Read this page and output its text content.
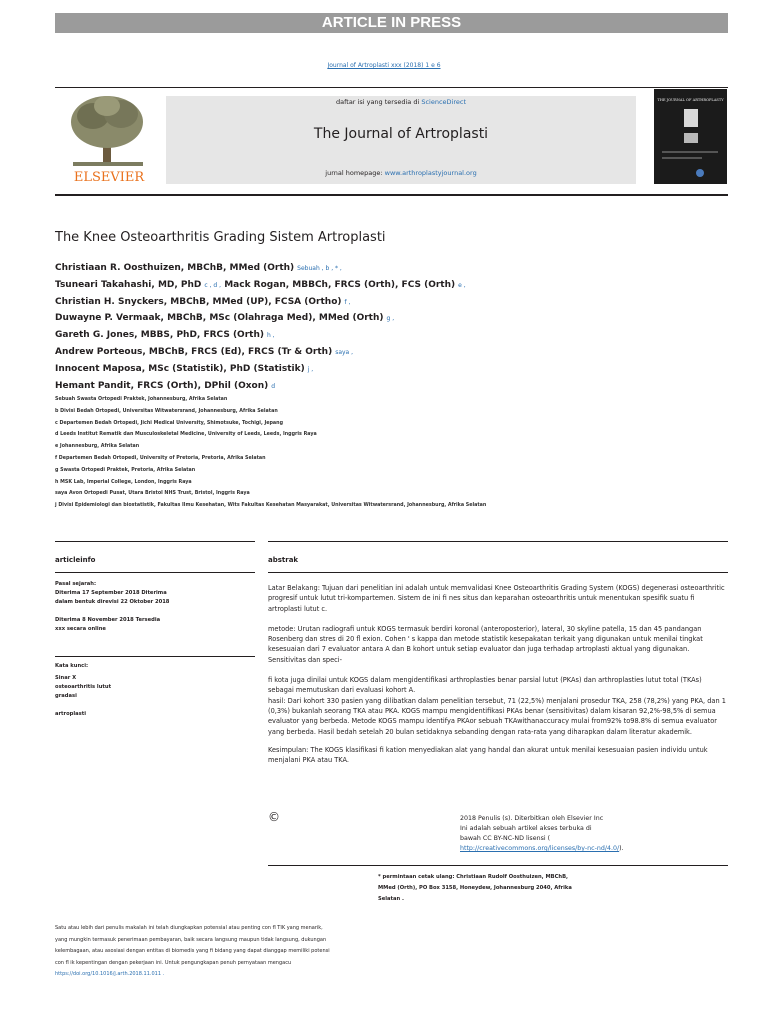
ARTICLE IN PRESS
Journal of Artroplasti xxx (2018) 1 e 6
ELSEVIER
daftar isi yang tersedia di ScienceDirect
The Journal of Artroplasti
jurnal homepage: www.arthroplastyjournal.org
THE JOURNAL OF ARTHROPLASTY
The Knee Osteoarthritis Grading Sistem Artroplasti
Christiaan R. Oosthuizen, MBChB, MMed (Orth) Sebuah , b , * ,
Tsuneari Takahashi, MD, PhD c , d , Mack Rogan, MBBCh, FRCS (Orth), FCS (Orth) e ,
Christian H. Snyckers, MBChB, MMed (UP), FCSA (Ortho) f ,
Duwayne P. Vermaak, MBChB, MSc (Olahraga Med), MMed (Orth) g ,
Gareth G. Jones, MBBS, PhD, FRCS (Orth) h ,
Andrew Porteous, MBChB, FRCS (Ed), FRCS (Tr & Orth) saya ,
Innocent Maposa, MSc (Statistik), PhD (Statistik) j ,
Hemant Pandit, FRCS (Orth), DPhil (Oxon) d
Sebuah Swasta Ortopedi Praktek, Johannesburg, Afrika Selatan
b Divisi Bedah Ortopedi, Universitas Witwatersrand, Johannesburg, Afrika Selatan
c Departemen Bedah Ortopedi, Jichi Medical University, Shimotsuke, Tochigi, Jepang
d Leeds Institut Rematik dan Musculoskeletal Medicine, University of Leeds, Leeds, Inggris Raya
e Johannesburg, Afrika Selatan
f Departemen Bedah Ortopedi, University of Pretoria, Pretoria, Afrika Selatan
g Swasta Ortopedi Praktek, Pretoria, Afrika Selatan
h MSK Lab, Imperial College, London, Inggris Raya
saya Avon Ortopedi Pusat, Utara Bristol NHS Trust, Bristol, Inggris Raya
j Divisi Epidemiologi dan biostatistik, Fakultas Ilmu Kesehatan, Wits Fakultas Kesehatan Masyarakat, Universitas Witwatersrand, Johannesburg, Afrika Selatan
articleinfo

Pasal sejarah:

Diterima 17 September 2018 Diterima

dalam bentuk direvisi 22 Oktober 2018

Diterima 8 November 2018 Tersedia

xxx secara online

Kata kunci:

Sinar X

osteoarthritis lutut

gradasi

artroplasti

abstrak

Latar Belakang: Tujuan dari penelitian ini adalah untuk memvalidasi Knee Osteoarthritis Grading System (KOGS) degenerasi osteoarthritic progresif untuk lutut tri-kompartemen. Sistem de ini fi nes situs dan keparahan osteoarthritis untuk menentukan spesifik suatu fi artroplasti lutut c.

metode: Urutan radiografi untuk KOGS termasuk berdiri koronal (anteroposterior), lateral, 30 skyline patella, 15 dan 45 pandangan Rosenberg dan stres di 20 fl exion. Cohen ' s kappa dan metode statistik kesepakatan terkait yang digunakan untuk menilai tingkat kesesuaian dari 7 evaluator antara A dan B kohort untuk setiap evaluator dan juga terhadap artroplasti aktual yang digunakan. Sensitivitas dan speci-

fi kota juga dinilai untuk KOGS dalam mengidentifikasi arthroplasties benar parsial lutut (PKAs) dan arthroplasties lutut total (TKAs) sebagai memutuskan dari evaluasi kohort A.

hasil: Dari kohort 330 pasien yang dilibatkan dalam penelitian tersebut, 71 (22,5%) menjalani prosedur TKA, 258 (78,2%) yang PKA, dan 1 (0,3%) bukanlah seorang TKA atau PKA. KOGS mampu mengidentifikasi PKAs benar (sensitivitas) dalam kisaran 92,2%-98,5% di semua evaluator yang berbeda. Metode KOGS mampu identifya PKAor sebuah TKAwithanaccuracy mulai from92% to98.8% di semua evaluator yang berbeda. Hasil bedah setelah 20 bulan setidaknya sebanding dengan rata-rata yang diharapkan dalam literatur akademik.

Kesimpulan: The KOGS klasifikasi fi kation menyediakan alat yang handal dan akurat untuk menilai kesesuaian pasien individu untuk menjalani PKA atau TKA.

©	2018 Penulis (s). Diterbitkan oleh Elsevier Inc
Ini adalah sebuah artikel akses terbuka di
bawah CC BY-NC-ND lisensi (
http://creativecommons.org/licenses/by-nc-nd/4.0/).
* permintaan cetak ulang: Christiaan Rudolf Oosthuizen, MBChB,
MMed (Orth), PO Box 3158, Honeydew, Johannesburg 2040, Afrika
Selatan .

Satu atau lebih dari penulis makalah ini telah diungkapkan potensial atau penting con fl TIK yang menarik,

yang mungkin termasuk penerimaan pembayaran, baik secara langsung maupun tidak langsung, dukungan

kelembagaan, atau asosiasi dengan entitas di biomedis yang fi bidang yang dapat dianggap memiliki potensi

con fl ik kepentingan dengan pekerjaan ini. Untuk pengungkapan penuh pernyataan mengacu

https://doi.org/10.1016/j.arth.2018.11.011 .
